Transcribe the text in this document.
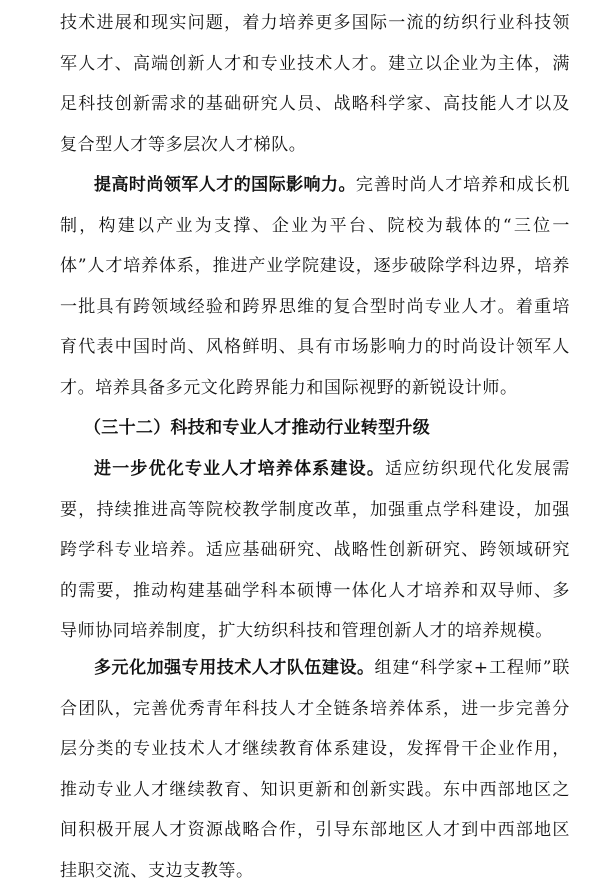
技术进展和现实问题，着力培养更多国际一流的纺织行业科技领军人才、高端创新人才和专业技术人才。建立以企业为主体，满足科技创新需求的基础研究人员、战略科学家、高技能人才以及复合型人才等多层次人才梯队。

提高时尚领军人才的国际影响力。完善时尚人才培养和成长机制，构建以产业为支撑、企业为平台、院校为载体的“三位一体”人才培养体系，推进产业学院建设，逐步破除学科边界，培养一批具有跨领域经验和跨界思维的复合型时尚专业人才。着重培育代表中国时尚、风格鲜明、具有市场影响力的时尚设计领军人才。培养具备多元文化跨界能力和国际视野的新锐设计师。

（三十二）科技和专业人才推动行业转型升级

进一步优化专业人才培养体系建设。适应纺织现代化发展需要，持续推进高等院校教学制度改革，加强重点学科建设，加强跨学科专业培养。适应基础研究、战略性创新研究、跨领域研究的需要，推动构建基础学科本硕博一体化人才培养和双导师、多导师协同培养制度，扩大纺织科技和管理创新人才的培养规模。

多元化加强专用技术人才队伍建设。组建“科学家+工程师”联合团队，完善优秀青年科技人才全链条培养体系，进一步完善分层分类的专业技术人才继续教育体系建设，发挥骨干企业作用，推动专业人才继续教育、知识更新和创新实践。东中西部地区之间积极开展人才资源战略合作，引导东部地区人才到中西部地区挂职交流、支边支教等。
